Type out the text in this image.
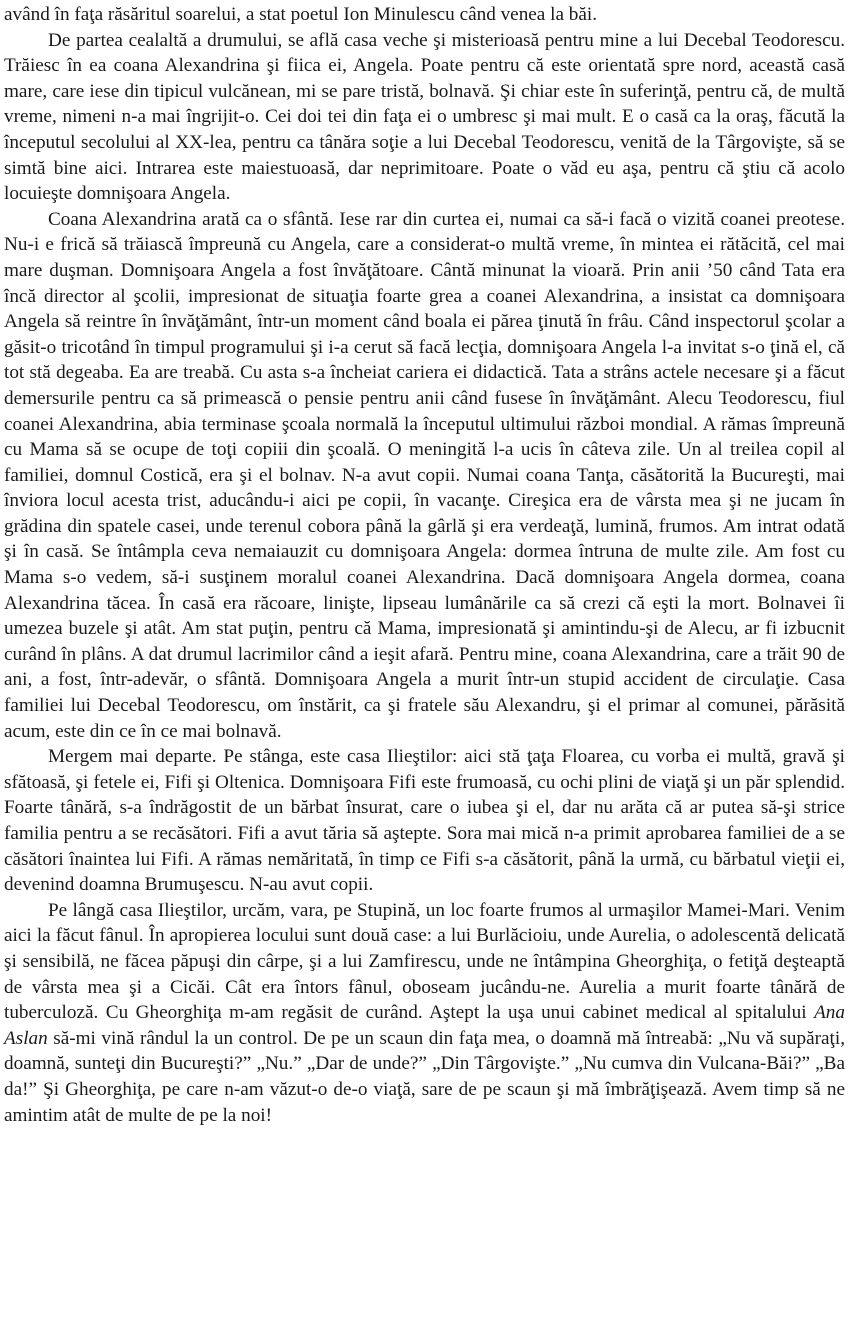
având în faţa răsăritul soarelui, a stat poetul Ion Minulescu când venea la băi.

De partea cealaltă a drumului, se află casa veche şi misterioasă pentru mine a lui Decebal Teodorescu. Trăiesc în ea coana Alexandrina şi fiica ei, Angela. Poate pentru că este orientată spre nord, această casă mare, care iese din tipicul vulcănean, mi se pare tristă, bolnavă. Şi chiar este în suferinţă, pentru că, de multă vreme, nimeni n-a mai îngrijit-o. Cei doi tei din faţa ei o umbresc şi mai mult. E o casă ca la oraş, făcută la începutul secolului al XX-lea, pentru ca tânăra soţie a lui Decebal Teodorescu, venită de la Târgovişte, să se simtă bine aici. Intrarea este maiestuoasă, dar neprimitoare. Poate o văd eu aşa, pentru că ştiu că acolo locuieşte domnişoara Angela.

Coana Alexandrina arată ca o sfântă. Iese rar din curtea ei, numai ca să-i facă o vizită coanei preotese. Nu-i e frică să trăiască împreună cu Angela, care a considerat-o multă vreme, în mintea ei rătăcită, cel mai mare duşman. Domnişoara Angela a fost învăţătoare. Cântă minunat la vioară. Prin anii ’50 când Tata era încă director al şcolii, impresionat de situaţia foarte grea a coanei Alexandrina, a insistat ca domnişoara Angela să reintre în învăţământ, într-un moment când boala ei părea ţinută în frâu. Când inspectorul şcolar a găsit-o tricotând în timpul programului şi i-a cerut să facă lecţia, domnişoara Angela l-a invitat s-o ţină el, că tot stă degeaba. Ea are treabă. Cu asta s-a încheiat cariera ei didactică. Tata a strâns actele necesare şi a făcut demersurile pentru ca să primească o pensie pentru anii când fusese în învăţământ. Alecu Teodorescu, fiul coanei Alexandrina, abia terminase şcoala normală la începutul ultimului război mondial. A rămas împreună cu Mama să se ocupe de toţi copiii din şcoală. O meningită l-a ucis în câteva zile. Un al treilea copil al familiei, domnul Costică, era şi el bolnav. N-a avut copii. Numai coana Tanţa, căsătorită la Bucureşti, mai înviora locul acesta trist, aducându-i aici pe copii, în vacanţe. Cireşica era de vârsta mea şi ne jucam în grădina din spatele casei, unde terenul cobora până la gârlă şi era verdeaţă, lumină, frumos. Am intrat odată şi în casă. Se întâmpla ceva nemaiauzit cu domnişoara Angela: dormea întruna de multe zile. Am fost cu Mama s-o vedem, să-i susţinem moralul coanei Alexandrina. Dacă domnişoara Angela dormea, coana Alexandrina tăcea. În casă era răcoare, linişte, lipseau lumânările ca să crezi că eşti la mort. Bolnavei îi umezea buzele şi atât. Am stat puţin, pentru că Mama, impresionată şi amintindu-şi de Alecu, ar fi izbucnit curând în plâns. A dat drumul lacrimilor când a ieşit afară. Pentru mine, coana Alexandrina, care a trăit 90 de ani, a fost, într-adevăr, o sfântă. Domnişoara Angela a murit într-un stupid accident de circulaţie. Casa familiei lui Decebal Teodorescu, om înstărit, ca şi fratele său Alexandru, şi el primar al comunei, părăsită acum, este din ce în ce mai bolnavă.

Mergem mai departe. Pe stânga, este casa Ilieştilor: aici stă ţaţa Floarea, cu vorba ei multă, gravă şi sfătoasă, şi fetele ei, Fifi şi Oltenica. Domnişoara Fifi este frumoasă, cu ochi plini de viaţă şi un păr splendid. Foarte tânără, s-a îndrăgostit de un bărbat însurat, care o iubea şi el, dar nu arăta că ar putea să-şi strice familia pentru a se recăsători. Fifi a avut tăria să aştepte. Sora mai mică n-a primit aprobarea familiei de a se căsători înaintea lui Fifi. A rămas nemăritată, în timp ce Fifi s-a căsătorit, până la urmă, cu bărbatul vieţii ei, devenind doamna Brumuşescu. N-au avut copii.

Pe lângă casa Ilieştilor, urcăm, vara, pe Stupină, un loc foarte frumos al urmaşilor Mamei-Mari. Venim aici la făcut fânul. În apropierea locului sunt două case: a lui Burlăcioiu, unde Aurelia, o adolescentă delicată şi sensibilă, ne făcea păpuşi din cârpe, şi a lui Zamfirescu, unde ne întâmpina Gheorghiţa, o fetiţă deşteaptă de vârsta mea şi a Cicăi. Cât era întors fânul, oboseam jucându-ne. Aurelia a murit foarte tânără de tuberculoză. Cu Gheorghiţa m-am regăsit de curând. Aştept la uşa unui cabinet medical al spitalului Ana Aslan să-mi vină rândul la un control. De pe un scaun din faţa mea, o doamnă mă întreabă: „Nu vă supăraţi, doamnă, sunteţi din Bucureşti?” „Nu.” „Dar de unde?” „Din Târgovişte.” „Nu cumva din Vulcana-Băi?” „Ba da!” Şi Gheorghiţa, pe care n-am văzut-o de-o viaţă, sare de pe scaun şi mă îmbrăţişează. Avem timp să ne amintim atât de multe de pe la noi!
